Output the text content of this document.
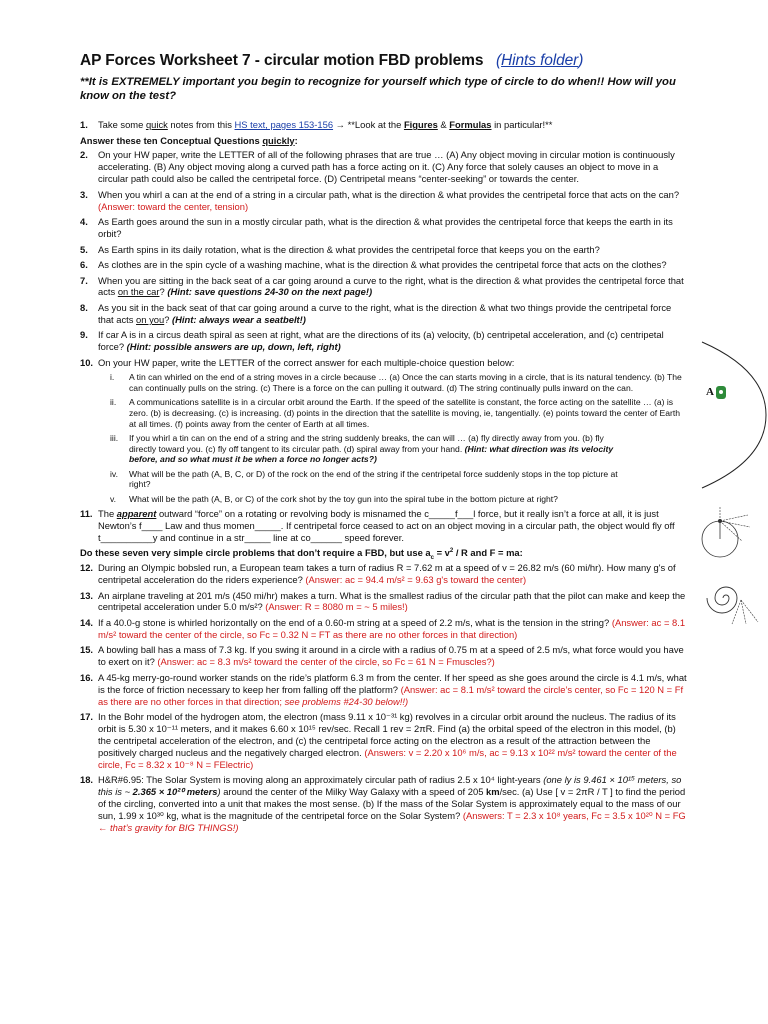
AP Forces Worksheet 7 - circular motion FBD problems (Hints folder)
**It is EXTREMELY important you begin to recognize for yourself which type of circle to do when!! How will you know on the test?
1. Take some quick notes from this HS text, pages 153-156 → **Look at the Figures & Formulas in particular!**
Answer these ten Conceptual Questions quickly:
2. On your HW paper, write the LETTER of all of the following phrases that are true … (A) Any object moving in circular motion is continuously accelerating. (B) Any object moving along a curved path has a force acting on it. (C) Any force that solely causes an object to move in a circular path could also be called the centripetal force. (D) Centripetal means “center-seeking” or towards the center.
3. When you whirl a can at the end of a string in a circular path, what is the direction & what provides the centripetal force that acts on the can? (Answer: toward the center, tension)
4. As Earth goes around the sun in a mostly circular path, what is the direction & what provides the centripetal force that keeps the earth in its orbit?
5. As Earth spins in its daily rotation, what is the direction & what provides the centripetal force that keeps you on the earth?
6. As clothes are in the spin cycle of a washing machine, what is the direction & what provides the centripetal force that acts on the clothes?
7. When you are sitting in the back seat of a car going around a curve to the right, what is the direction & what provides the centripetal force that acts on the car? (Hint: save questions 24-30 on the next page!)
8. As you sit in the back seat of that car going around a curve to the right, what is the direction & what two things provide the centripetal force that acts on you? (Hint: always wear a seatbelt!)
9. If car A is in a circus death spiral as seen at right, what are the directions of its (a) velocity, (b) centripetal acceleration, and (c) centripetal force? (Hint: possible answers are up, down, left, right)
10. On your HW paper, write the LETTER of the correct answer for each multiple-choice question below:
i. A tin can whirled on the end of a string moves in a circle because … (a) Once the can starts moving in a circle, that is its natural tendency. (b) The can continually pulls on the string. (c) There is a force on the can pulling it outward. (d) The string continually pulls inward on the can.
ii. A communications satellite is in a circular orbit around the Earth. If the speed of the satellite is constant, the force acting on the satellite … (a) is zero. (b) is decreasing. (c) is increasing. (d) points in the direction that the satellite is moving, ie, tangentially. (e) points toward the center of Earth at all times. (f) points away from the center of Earth at all times.
iii. If you whirl a tin can on the end of a string and the string suddenly breaks, the can will … (a) fly directly away from you. (b) fly directly toward you. (c) fly off tangent to its circular path. (d) spiral away from your hand. (Hint: what direction was its velocity before, and so what must it be when a force no longer acts?)
iv. What will be the path (A, B, C, or D) of the rock on the end of the string if the centripetal force suddenly stops in the top picture at right?
v. What will be the path (A, B, or C) of the cork shot by the toy gun into the spiral tube in the bottom picture at right?
11. The apparent outward “force” on a rotating or revolving body is misnamed the c_____f___l force, but it really isn’t a force at all, it is just Newton’s f____ Law and thus momen_____. If centripetal force ceased to act on an object moving in a circular path, the object would fly off t__________y and continue in a str_____ line at co______ speed forever.
Do these seven very simple circle problems that don’t require a FBD, but use $a_c = v^2 / R$ and F = ma:
12. During an Olympic bobsled run, a European team takes a turn of radius R = 7.62 m at a speed of v = 26.82 m/s (60 mi/hr). How many g's of centripetal acceleration do the riders experience? (Answer: ac = 94.4 m/s² = 9.63 g's toward the center)
13. An airplane traveling at 201 m/s (450 mi/hr) makes a turn. What is the smallest radius of the circular path that the pilot can make and keep the centripetal acceleration under 5.0 m/s²? (Answer: R = 8080 m = ~ 5 miles!)
14. If a 40.0-g stone is whirled horizontally on the end of a 0.60-m string at a speed of 2.2 m/s, what is the tension in the string? (Answer: ac = 8.1 m/s² toward the center of the circle, so Fc = 0.32 N = FT as there are no other forces in that direction)
15. A bowling ball has a mass of 7.3 kg. If you swing it around in a circle with a radius of 0.75 m at a speed of 2.5 m/s, what force would you have to exert on it? (Answer: ac = 8.3 m/s² toward the center of the circle, so Fc = 61 N = Fmuscles?)
16. A 45-kg merry-go-round worker stands on the ride’s platform 6.3 m from the center. If her speed as she goes around the circle is 4.1 m/s, what is the force of friction necessary to keep her from falling off the platform? (Answer: ac = 8.1 m/s² toward the circle’s center, so Fc = 120 N = Ff as there are no other forces in that direction; see problems #24-30 below!!)
17. In the Bohr model of the hydrogen atom, the electron (mass 9.11 x 10⁻³¹ kg) revolves in a circular orbit around the nucleus. The radius of its orbit is 5.30 x 10⁻¹¹ meters, and it makes 6.60 x 10¹⁵ rev/sec. Recall 1 rev = 2πR. Find (a) the orbital speed of the electron in this model, (b) the centripetal acceleration of the electron, and (c) the centripetal force acting on the electron as a result of the attraction between the positively charged nucleus and the negatively charged electron. (Answers: v = 2.20 x 10⁶ m/s, ac = 9.13 x 10²² m/s² toward the center of the circle, Fc = 8.32 x 10⁻⁸ N = FElectric)
18. H&R#6.95: The Solar System is moving along an approximately circular path of radius 2.5 x 10⁴ light-years (one ly is 9.461 × 10¹⁵ meters, so this is ~ 2.365 × 10²⁰ meters) around the center of the Milky Way Galaxy with a speed of 205 km/sec. (a) Use [ v = 2πR / T ] to find the period of the circling, converted into a unit that makes the most sense. (b) If the mass of the Solar System is approximately equal to the mass of our sun, 1.99 x 10³⁰ kg, what is the magnitude of the centripetal force on the Solar System? (Answers: T = 2.3 x 10⁸ years, Fc = 3.5 x 10²⁰ N = FG ← that’s gravity for BIG THINGS!)
A
